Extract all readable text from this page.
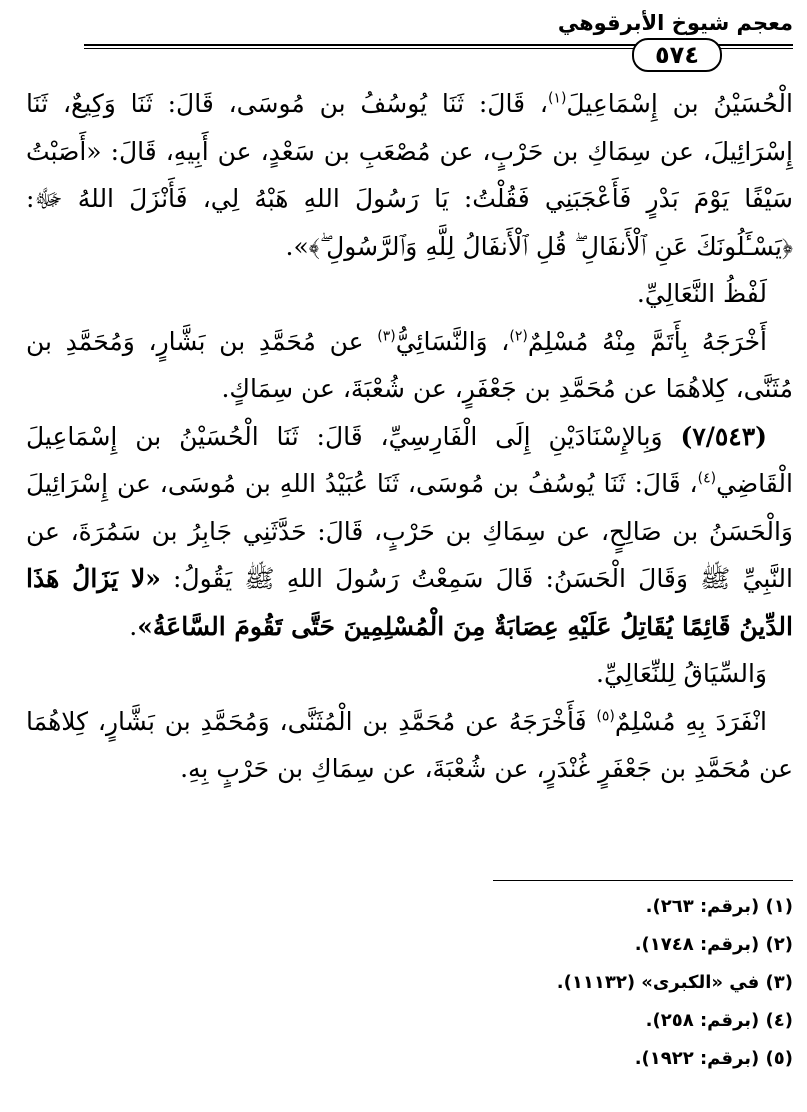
معجم شيوخ الأبرقوهي
٥٧٤

الْحُسَيْنُ بن إِسْمَاعِيلَ$^{(١)}$، قَالَ: ثَنَا يُوسُفُ بن مُوسَى، قَالَ: ثَنَا وَكِيعٌ، ثَنَا إِسْرَائِيلَ، عن سِمَاكِ بن حَرْبٍ، عن مُصْعَبِ بن سَعْدٍ، عن أَبِيهِ، قَالَ: «أَصَبْتُ سَيْفًا يَوْمَ بَدْرٍ فَأَعْجَبَنِي فَقُلْتُ: يَا رَسُولَ اللهِ هَبْهُ لِي، فَأَنْزَلَ اللهُ ﷻ: ﴿يَسْـَٔلُونَكَ عَنِ ٱلْأَنفَالِ ۖ قُلِ ٱلْأَنفَالُ لِلَّهِ وَٱلرَّسُولِ ۖ﴾».

لَفْظُ النَّعَالِيِّ.

أَخْرَجَهُ بِأَتَمَّ مِنْهُ مُسْلِمٌ$^{(٢)}$، وَالنَّسَائِيُّ$^{(٣)}$ عن مُحَمَّدِ بن بَشَّارٍ، وَمُحَمَّدِ بن مُثَنَّى، كِلاهُمَا عن مُحَمَّدِ بن جَعْفَرٍ، عن شُعْبَةَ، عن سِمَاكٍ.

(٧/٥٤٣) وَبِالإِسْنَادَيْنِ إِلَى الْفَارِسِيِّ، قَالَ: ثَنَا الْحُسَيْنُ بن إِسْمَاعِيلَ الْقَاضِي$^{(٤)}$، قَالَ: ثَنَا يُوسُفُ بن مُوسَى، ثَنَا عُبَيْدُ اللهِ بن مُوسَى، عن إِسْرَائِيلَ وَالْحَسَنُ بن صَالِحٍ، عن سِمَاكِ بن حَرْبٍ، قَالَ: حَدَّثَنِي جَابِرُ بن سَمُرَةَ، عن النَّبِيِّ ﷺ وَقَالَ الْحَسَنُ: قَالَ سَمِعْتُ رَسُولَ اللهِ ﷺ يَقُولُ: «لا يَزَالُ هَذَا الدِّينُ قَائِمًا يُقَاتِلُ عَلَيْهِ عِصَابَةٌ مِنَ الْمُسْلِمِينَ حَتَّى تَقُومَ السَّاعَةُ».

وَالسِّيَاقُ لِلنِّعَالِيِّ.

انْفَرَدَ بِهِ مُسْلِمٌ$^{(٥)}$ فَأَخْرَجَهُ عن مُحَمَّدِ بن الْمُثَنَّى، وَمُحَمَّدِ بن بَشَّارٍ، كِلاهُمَا عن مُحَمَّدِ بن جَعْفَرٍ غُنْدَرٍ، عن شُعْبَةَ، عن سِمَاكِ بن حَرْبٍ بِهِ.

(١) (برقم: ٢٦٣).
(٢) (برقم: ١٧٤٨).
(٣) في «الكبرى» (١١١٣٢).
(٤) (برقم: ٢٥٨).
(٥) (برقم: ١٩٢٢).
